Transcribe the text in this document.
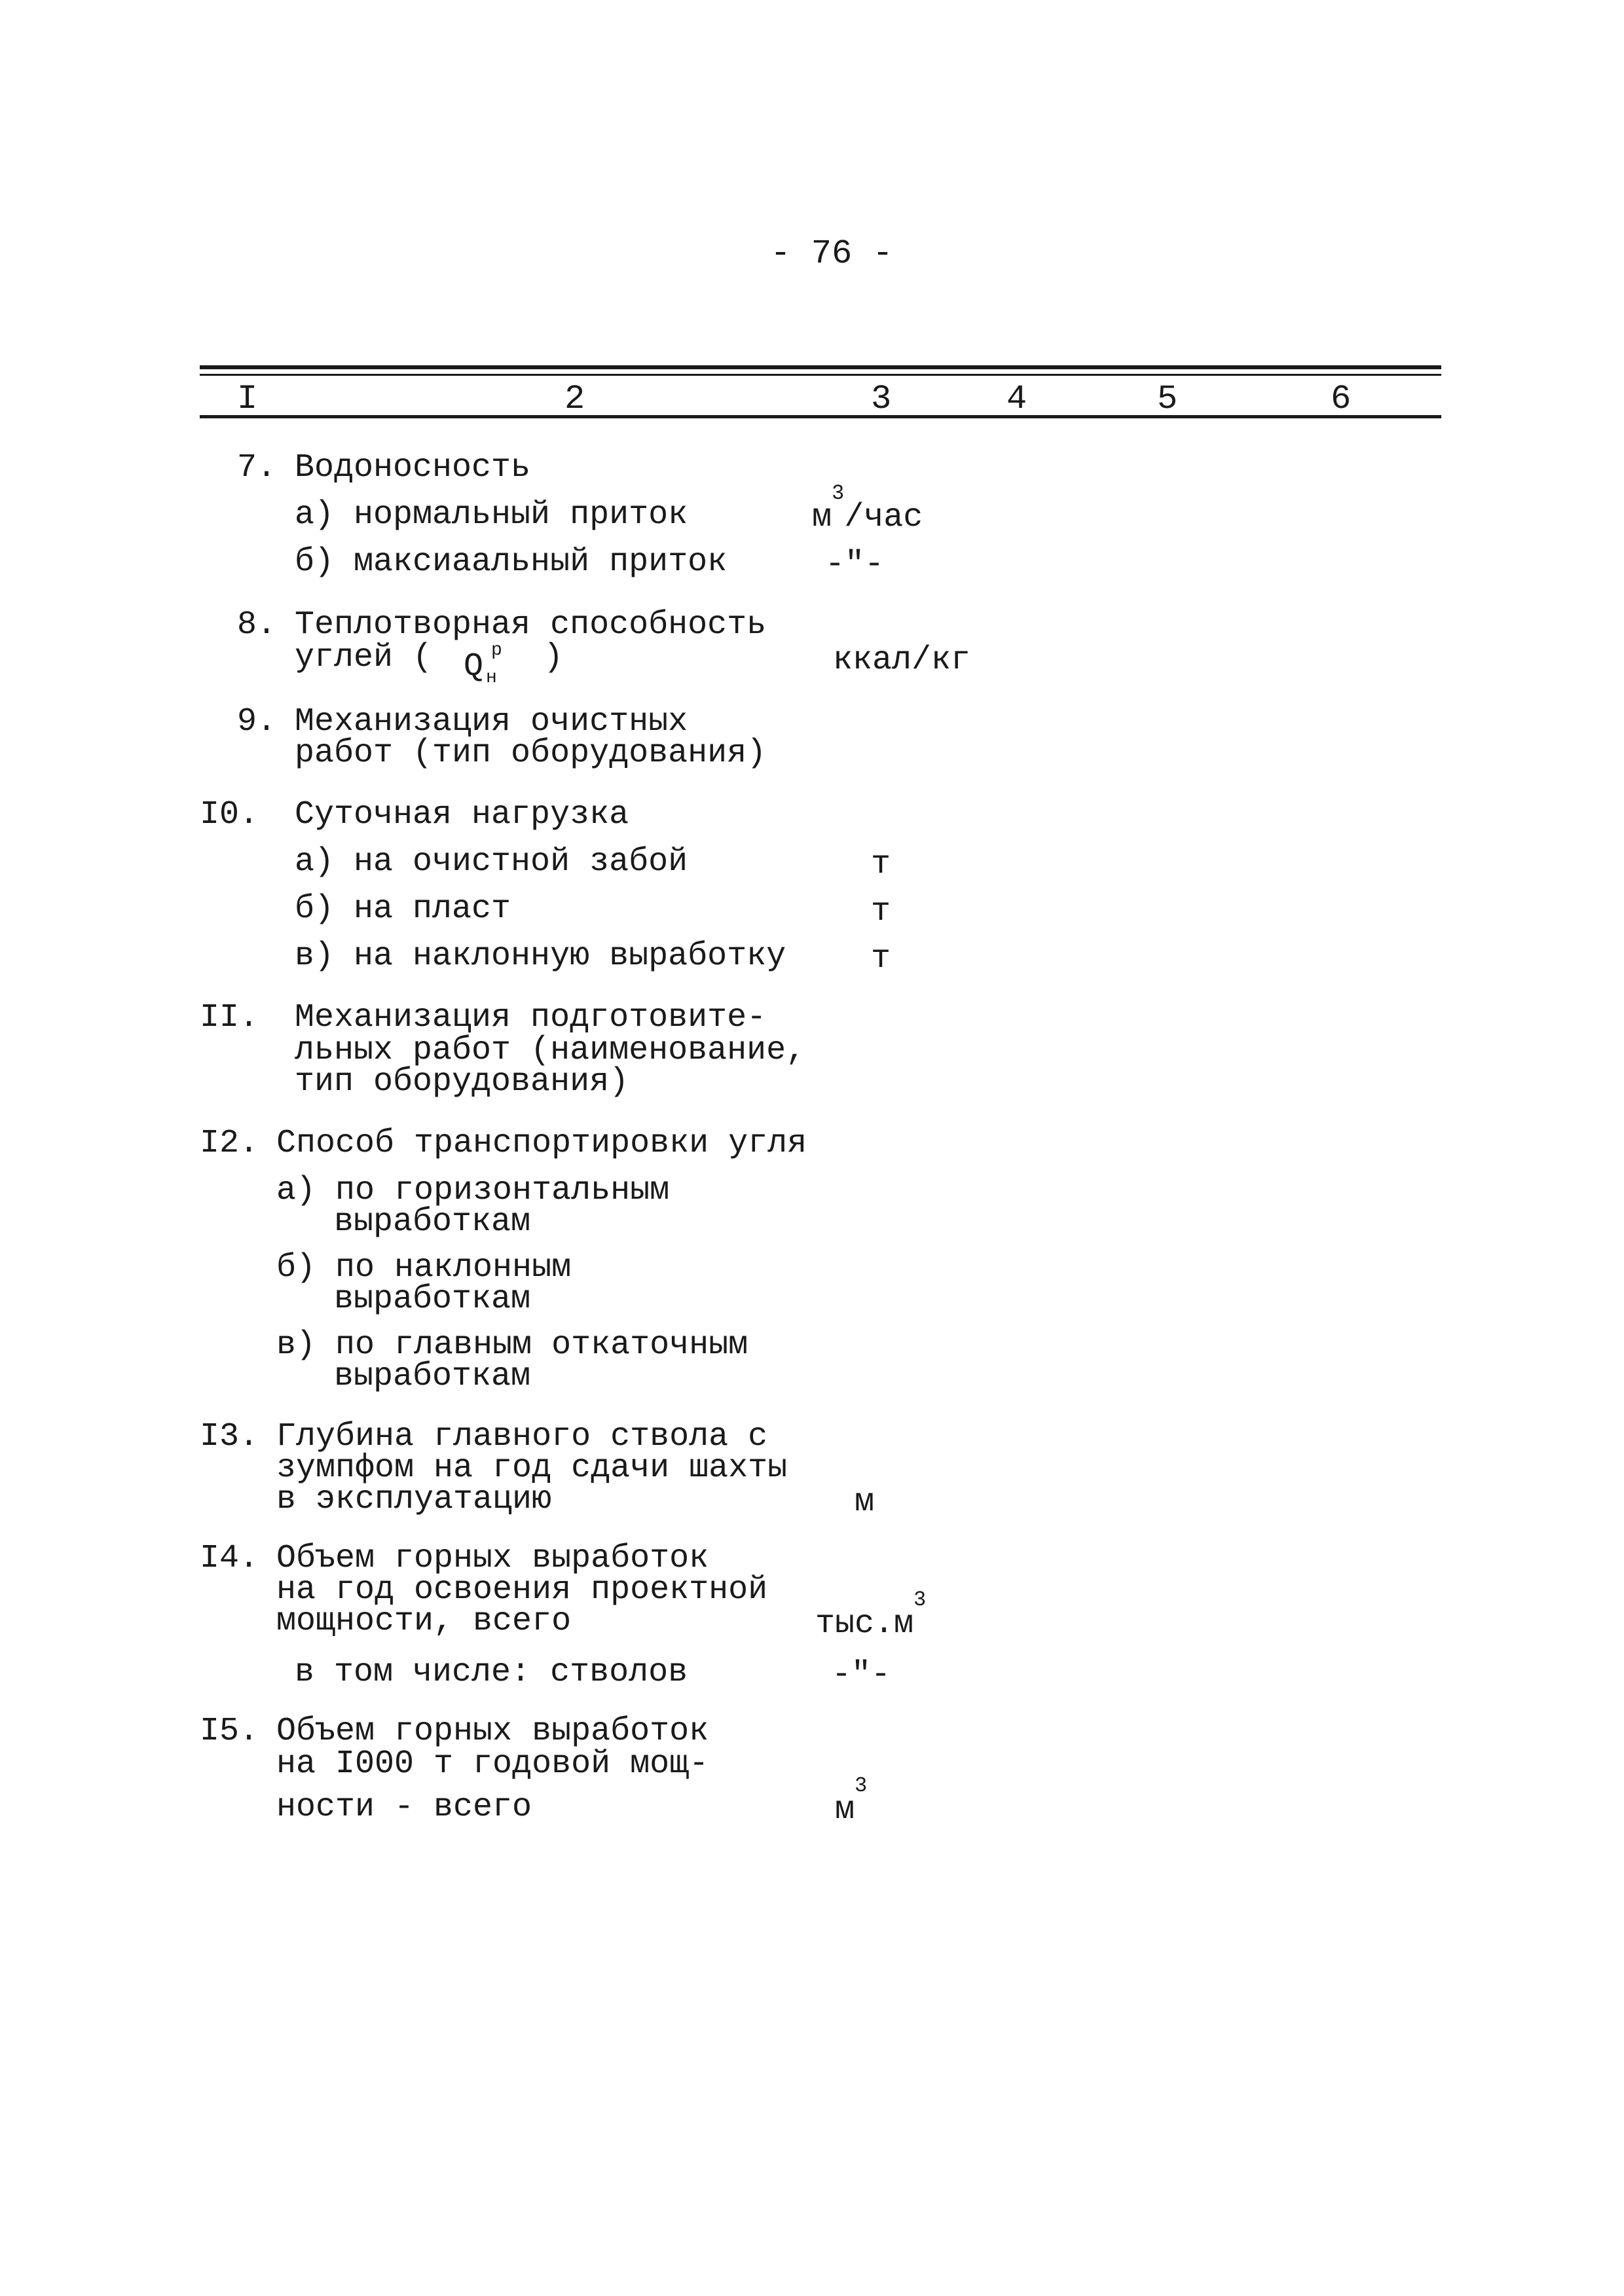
- 76 -
I	2	3	4	5	6
7. Водоносность
а) нормальный приток	$м^3$/час
б) максиаальный приток	-"-
8. Теплотворная способность
углей ( Q р
н
)	ккал/кг
9. Механизация очистных
работ (тип оборудования)
I0. Суточная нагрузка
а) на очистной забой	т
б) на пласт	т
в) на наклонную выработку	т
II. Механизация подготовите-
льных работ (наименование,
тип оборудования)
I2. Способ транспортировки угля
а) по горизонтальным
выработкам
б) по наклонным
выработкам
в) по главным откаточным
выработкам
I3. Глубина главного ствола с
зумпфом на год сдачи шахты
в эксплуатацию	м
I4. Объем горных выработок
на год освоения проектной
мощности, всего	$тыс.м^3$
в том числе: стволов	-"-
I5. Объем горных выработок
на I000 т годовой мощ-
ности - всего	$м^3$
